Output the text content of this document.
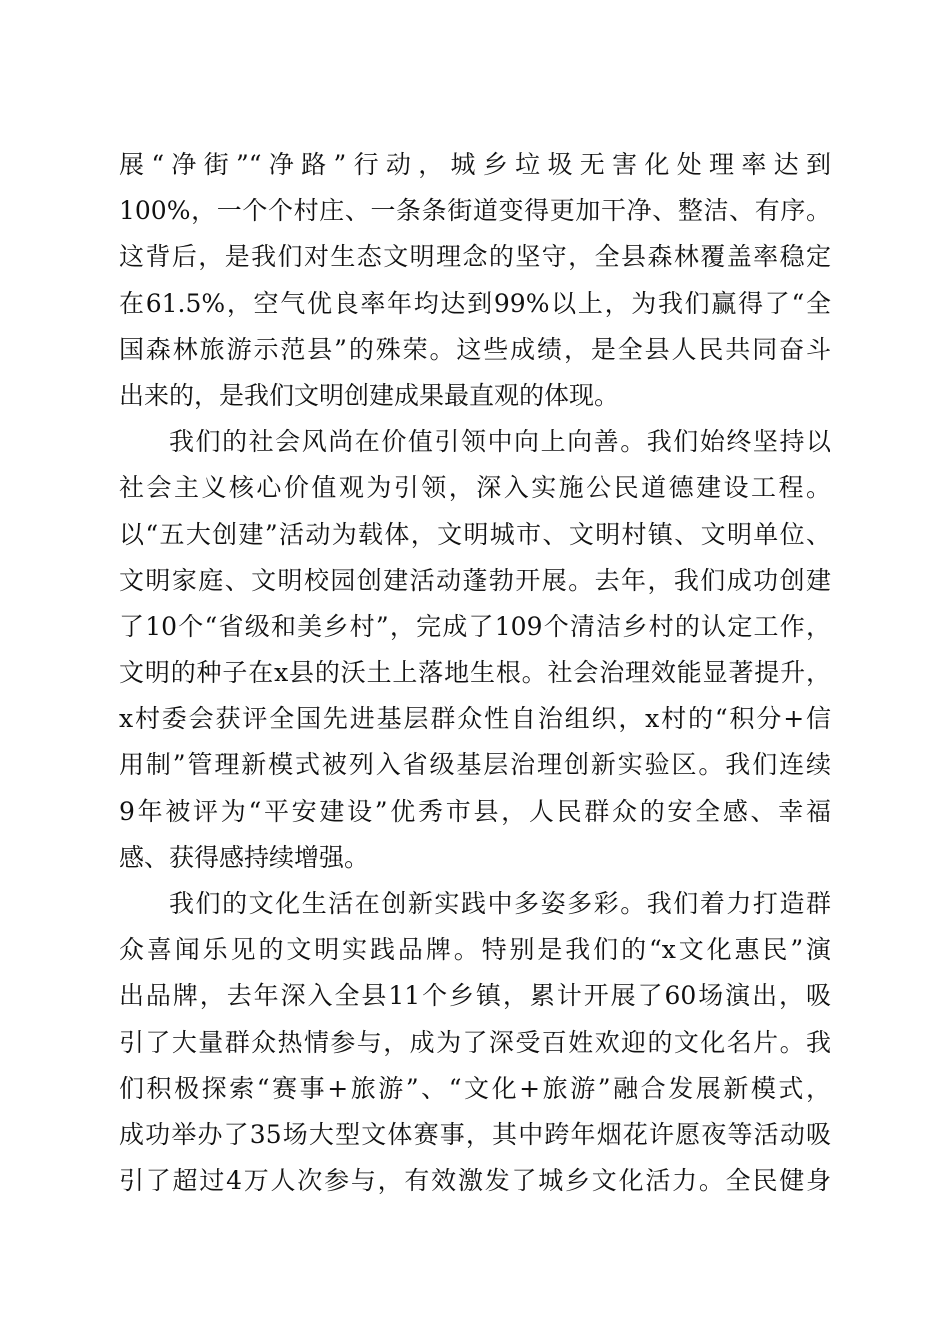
展“净街”“净路”行动，城乡垃圾无害化处理率达到
100%，一个个村庄、一条条街道变得更加干净、整洁、有序。
这背后，是我们对生态文明理念的坚守，全县森林覆盖率稳定
在61.5%，空气优良率年均达到99%以上，为我们赢得了“全
国森林旅游示范县”的殊荣。这些成绩，是全县人民共同奋斗
出来的，是我们文明创建成果最直观的体现。
我们的社会风尚在价值引领中向上向善。我们始终坚持以
社会主义核心价值观为引领，深入实施公民道德建设工程。
以“五大创建”活动为载体，文明城市、文明村镇、文明单位、
文明家庭、文明校园创建活动蓬勃开展。去年，我们成功创建
了10个“省级和美乡村”，完成了109个清洁乡村的认定工作，
文明的种子在x县的沃土上落地生根。社会治理效能显著提升，
x村委会获评全国先进基层群众性自治组织，x村的“积分+信
用制”管理新模式被列入省级基层治理创新实验区。我们连续
9年被评为“平安建设”优秀市县，人民群众的安全感、幸福
感、获得感持续增强。
我们的文化生活在创新实践中多姿多彩。我们着力打造群
众喜闻乐见的文明实践品牌。特别是我们的“x文化惠民”演
出品牌，去年深入全县11个乡镇，累计开展了60场演出，吸
引了大量群众热情参与，成为了深受百姓欢迎的文化名片。我
们积极探索“赛事+旅游”、“文化+旅游”融合发展新模式，
成功举办了35场大型文体赛事，其中跨年烟花许愿夜等活动吸
引了超过4万人次参与，有效激发了城乡文化活力。全民健身
